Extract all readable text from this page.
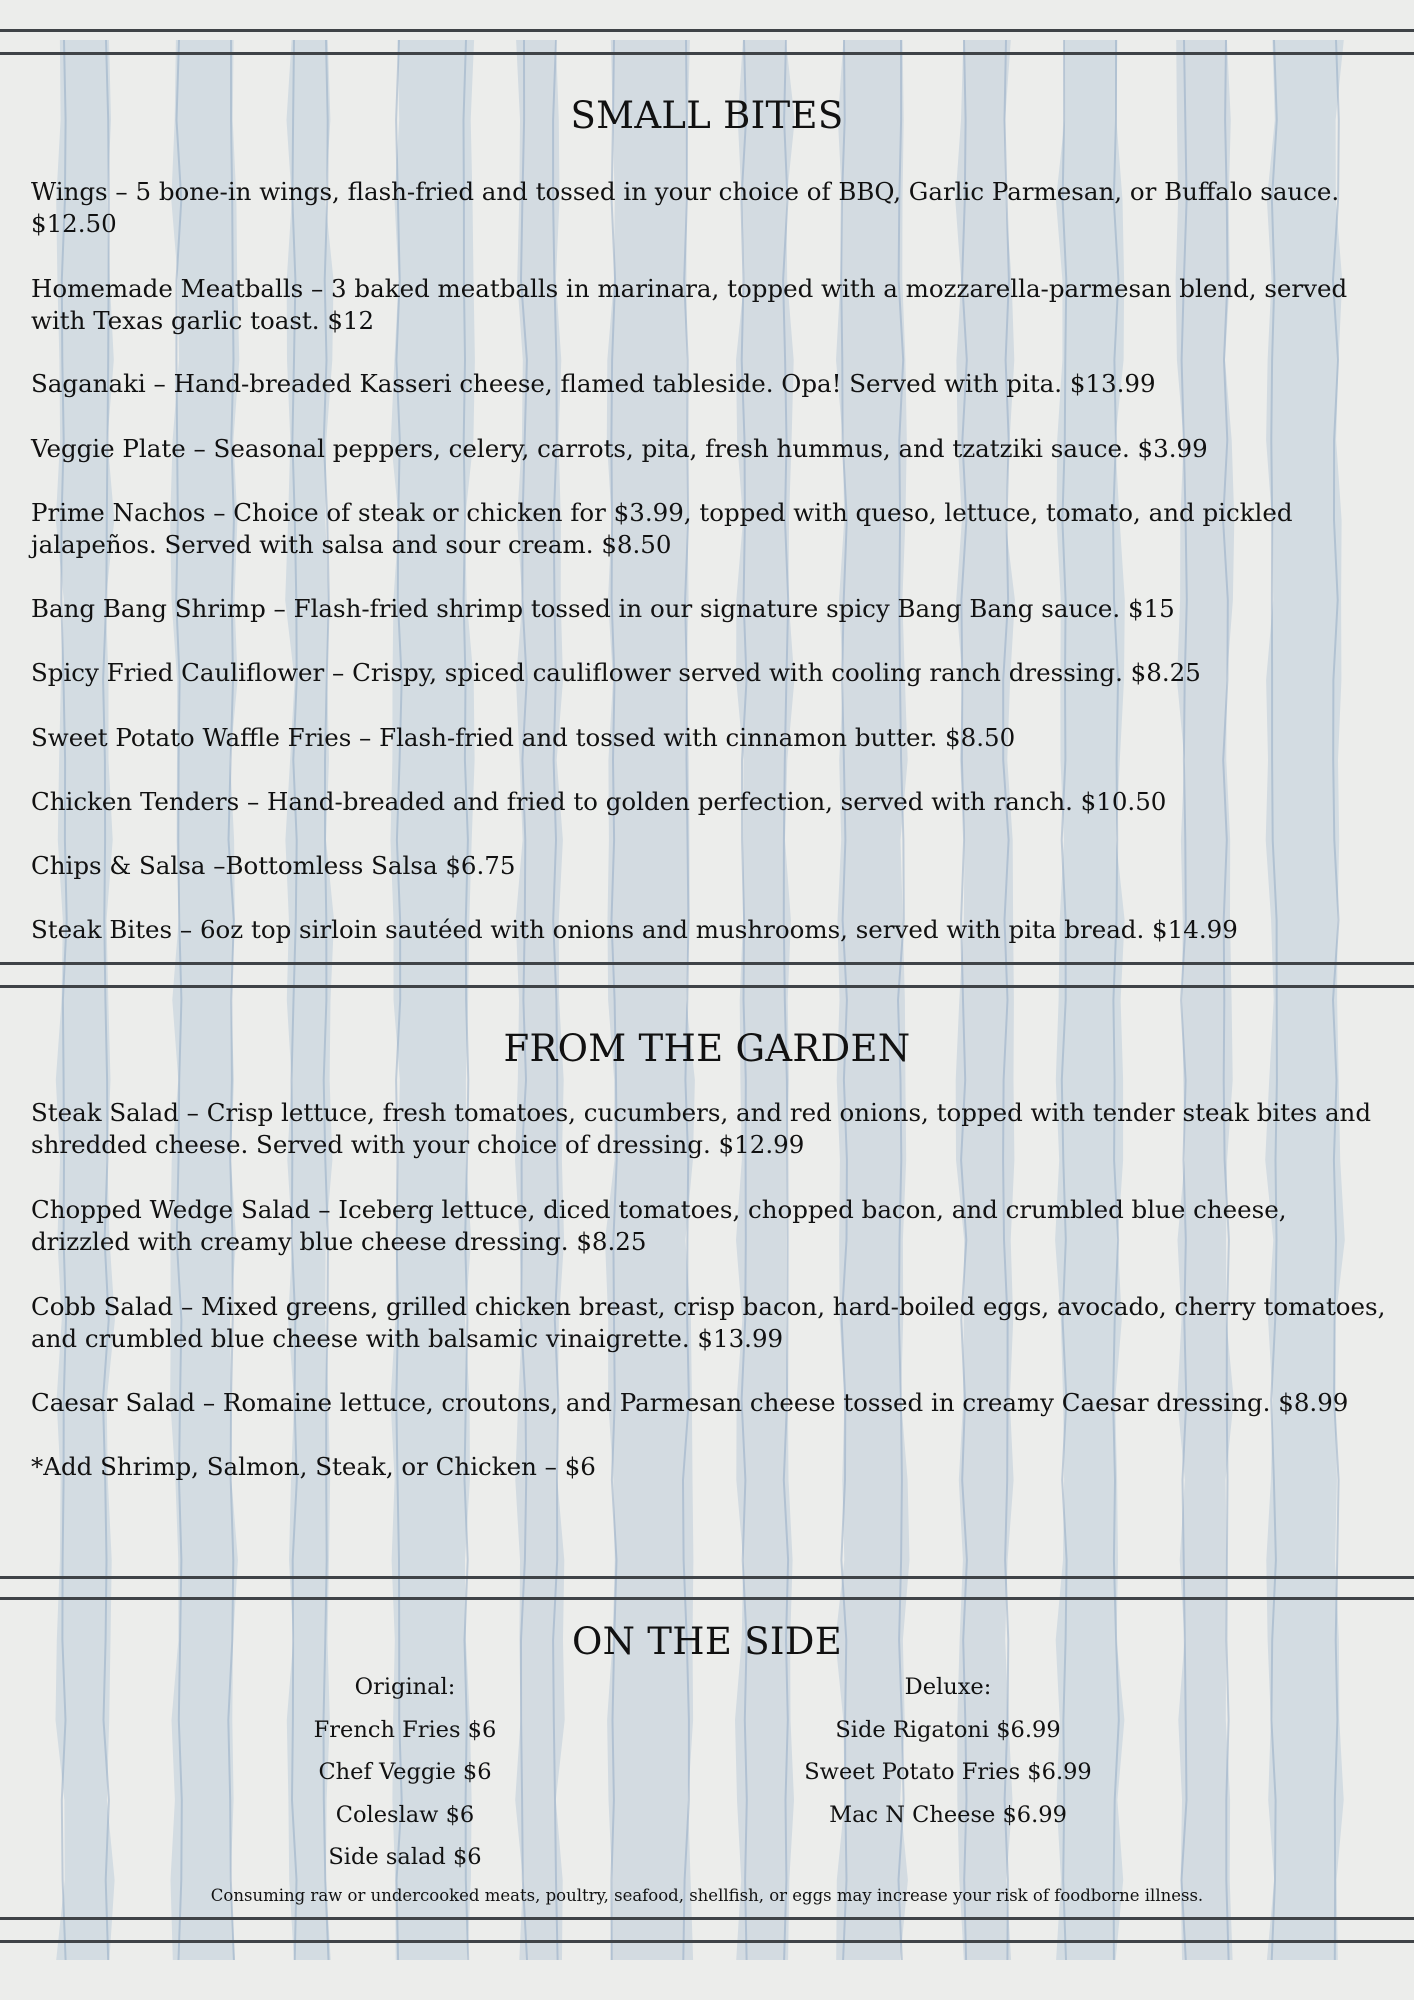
SMALL BITES
Wings – 5 bone-in wings, flash-fried and tossed in your choice of BBQ, Garlic Parmesan, or Buffalo sauce. $12.50
Homemade Meatballs – 3 baked meatballs in marinara, topped with a mozzarella-parmesan blend, served with Texas garlic toast. $12
Saganaki – Hand-breaded Kasseri cheese, flamed tableside. Opa! Served with pita. $13.99
Veggie Plate – Seasonal peppers, celery, carrots, pita, fresh hummus, and tzatziki sauce. $3.99
Prime Nachos – Choice of steak or chicken for $3.99, topped with queso, lettuce, tomato, and pickled jalapeños. Served with salsa and sour cream. $8.50
Bang Bang Shrimp – Flash-fried shrimp tossed in our signature spicy Bang Bang sauce. $15
Spicy Fried Cauliflower – Crispy, spiced cauliflower served with cooling ranch dressing. $8.25
Sweet Potato Waffle Fries – Flash-fried and tossed with cinnamon butter. $8.50
Chicken Tenders – Hand-breaded and fried to golden perfection, served with ranch. $10.50
Chips & Salsa –Bottomless Salsa $6.75
Steak Bites – 6oz top sirloin sautéed with onions and mushrooms, served with pita bread. $14.99
FROM THE GARDEN
Steak Salad – Crisp lettuce, fresh tomatoes, cucumbers, and red onions, topped with tender steak bites and shredded cheese. Served with your choice of dressing. $12.99
Chopped Wedge Salad – Iceberg lettuce, diced tomatoes, chopped bacon, and crumbled blue cheese, drizzled with creamy blue cheese dressing. $8.25
Cobb Salad – Mixed greens, grilled chicken breast, crisp bacon, hard-boiled eggs, avocado, cherry tomatoes, and crumbled blue cheese with balsamic vinaigrette. $13.99
Caesar Salad – Romaine lettuce, croutons, and Parmesan cheese tossed in creamy Caesar dressing. $8.99
*Add Shrimp, Salmon, Steak, or Chicken – $6
ON THE SIDE
Original:
French Fries $6
Chef Veggie $6
Coleslaw $6
Side salad $6
Deluxe:
Side Rigatoni $6.99
Sweet Potato Fries $6.99
Mac N Cheese $6.99
Consuming raw or undercooked meats, poultry, seafood, shellfish, or eggs may increase your risk of foodborne illness.
